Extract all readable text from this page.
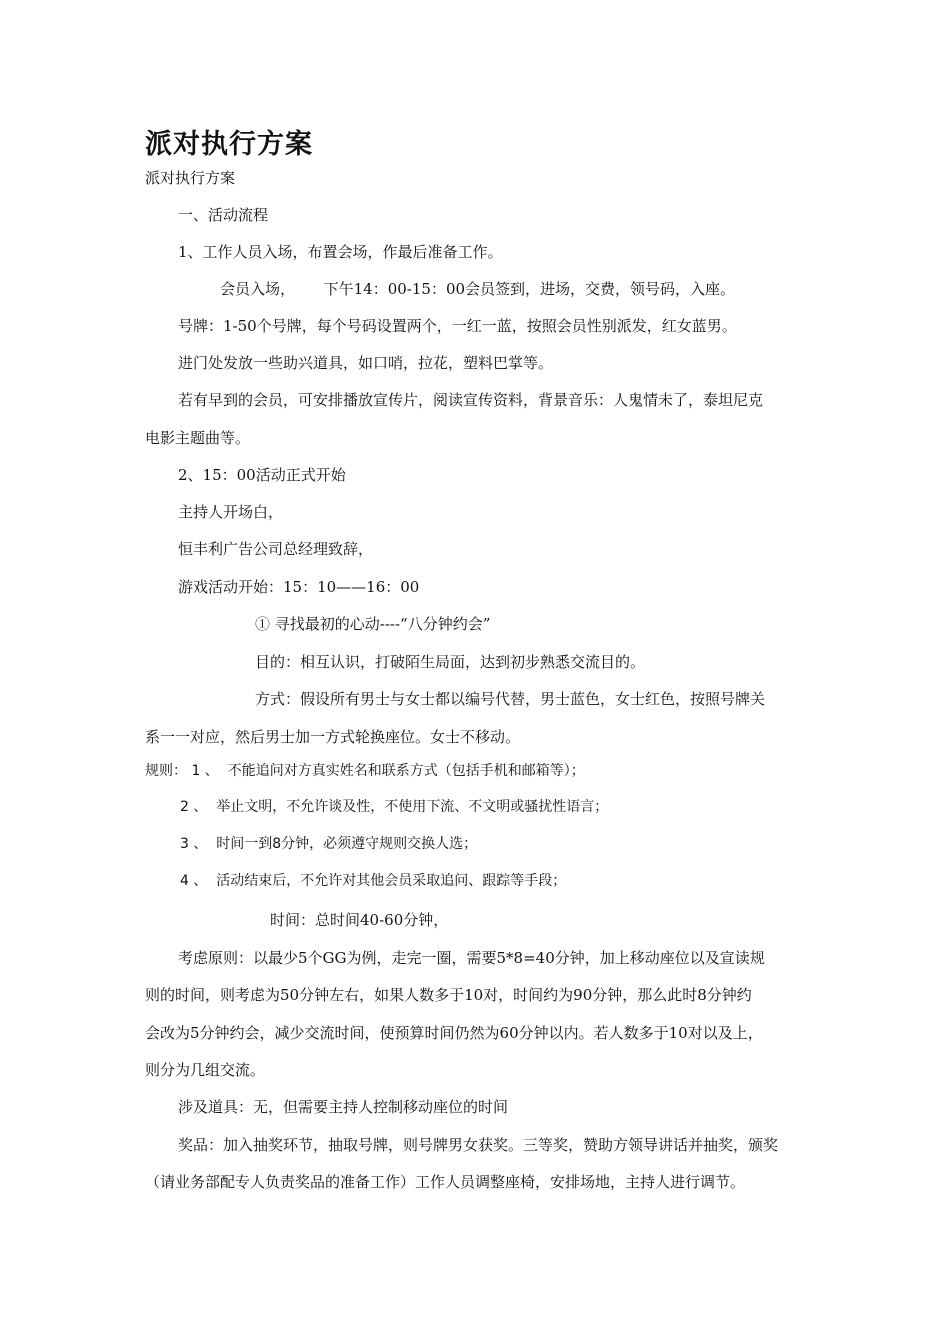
派对执行方案
派对执行方案
一、活动流程
1、工作人员入场，布置会场，作最后准备工作。
会员入场，      下午14：00-15：00会员签到，进场，交费，领号码，入座。
号牌：1-50个号牌，每个号码设置两个，一红一蓝，按照会员性别派发，红女蓝男。
进门处发放一些助兴道具，如口哨，拉花，塑料巴掌等。
若有早到的会员，可安排播放宣传片，阅读宣传资料，背景音乐：人鬼情未了，泰坦尼克
电影主题曲等。
2、15：00活动正式开始
主持人开场白，
恒丰利广告公司总经理致辞，
游戏活动开始：15：10——16：00
① 寻找最初的心动----“八分钟约会”
目的：相互认识，打破陌生局面，达到初步熟悉交流目的。
方式：假设所有男士与女士都以编号代替，男士蓝色，女士红色，按照号牌关
系一一对应，然后男士加一方式轮换座位。女士不移动。
规则： 1 、  不能追问对方真实姓名和联系方式（包括手机和邮箱等）；
2 、  举止文明，不允许谈及性，不使用下流、不文明或骚扰性语言；
3 、  时间一到8分钟，必须遵守规则交换人选；
4 、  活动结束后，不允许对其他会员采取追问、跟踪等手段；
时间：总时间40-60分钟，
考虑原则：以最少5个GG为例，走完一圈，需要5*8=40分钟，加上移动座位以及宣读规
则的时间，则考虑为50分钟左右，如果人数多于10对，时间约为90分钟，那么此时8分钟约
会改为5分钟约会，减少交流时间，使预算时间仍然为60分钟以内。若人数多于10对以及上，
则分为几组交流。
涉及道具：无，但需要主持人控制移动座位的时间
奖品：加入抽奖环节，抽取号牌，则号牌男女获奖。三等奖，赞助方领导讲话并抽奖，颁奖
（请业务部配专人负责奖品的准备工作）工作人员调整座椅，安排场地，主持人进行调节。
